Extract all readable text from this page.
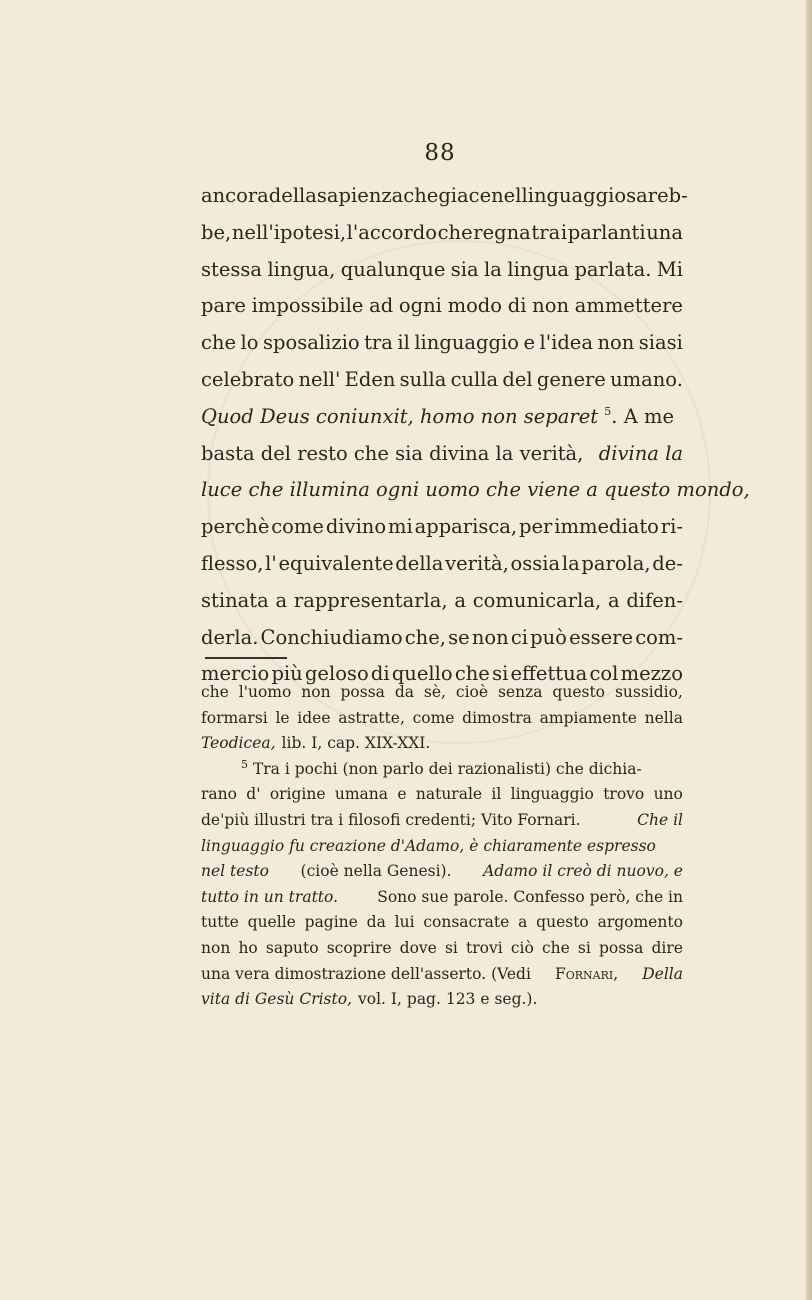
88
ancora della sapienza che giace nel linguaggio sareb-
be, nell'ipotesi, l'accordo che regna tra i parlanti una
stessa lingua, qualunque sia la lingua parlata. Mi
pare impossibile ad ogni modo di non ammettere
che lo sposalizio tra il linguaggio e l'idea non siasi
celebrato nell' Eden sulla culla del genere umano.
Quod Deus coniunxit, homo non separet 5. A me
basta del resto che sia divina la verità, divina la
luce che illumina ogni uomo che viene a questo mondo,
perchè come divino mi apparisca, per immediato ri-
flesso, l' equivalente della verità, ossia la parola, de-
stinata a rappresentarla, a comunicarla, a difen-
derla. Conchiudiamo che, se non ci può essere com-
mercio più geloso di quello che si effettua col mezzo
che l'uomo non possa da sè, cioè senza questo sussidio,
formarsi le idee astratte, come dimostra ampiamente nella
Teodicea, lib. I, cap. XIX-XXI.
5 Tra i pochi (non parlo dei razionalisti) che dichia-
rano d' origine umana e naturale il linguaggio trovo uno
de'più illustri tra i filosofi credenti; Vito Fornari.	Che il
linguaggio fu creazione d'Adamo, è chiaramente espresso
nel testo (cioè nella Genesi). Adamo il creò di nuovo, e
tutto in un tratto.	Sono sue parole. Confesso però, che in
tutte quelle pagine da lui consacrate a questo argomento
non ho saputo scoprire dove si trovi ciò che si possa dire
una vera dimostrazione dell'asserto. (Vedi Fornari, Della
vita di Gesù Cristo, vol. I, pag. 123 e seg.).
